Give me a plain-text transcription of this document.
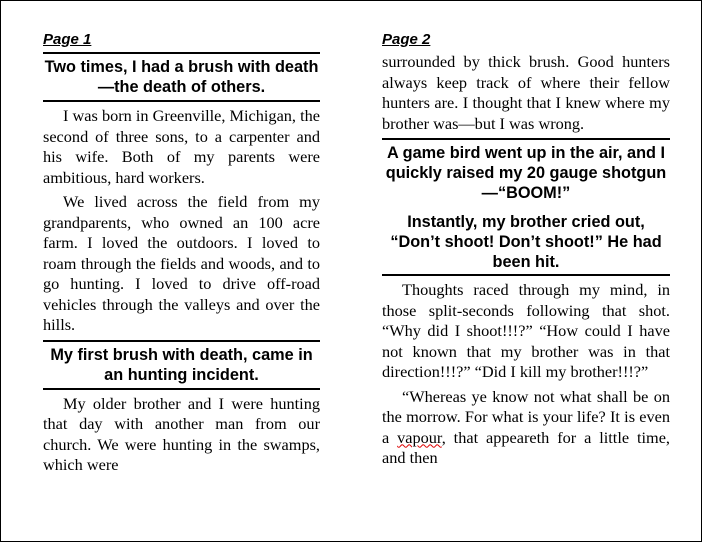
Page 1
Two times, I had a brush with death—the death of others.

I was born in Greenville, Michigan, the second of three sons, to a carpenter and his wife. Both of my parents were ambitious, hard workers.

We lived across the field from my grandparents, who owned an 100 acre farm. I loved the outdoors. I loved to roam through the fields and woods, and to go hunting. I loved to drive off-road vehicles through the valleys and over the hills.

My first brush with death, came in an hunting incident.

My older brother and I were hunting that day with another man from our church. We were hunting in the swamps, which were

Page 2

surrounded by thick brush. Good hunters always keep track of where their fellow hunters are. I thought that I knew where my brother was—but I was wrong.

A game bird went up in the air, and I quickly raised my 20 gauge shotgun—“BOOM!”
Instantly, my brother cried out, “Don’t shoot! Don’t shoot!” He had been hit.

Thoughts raced through my mind, in those split-seconds following that shot. “Why did I shoot!!!?” “How could I have not known that my brother was in that direction!!!?” “Did I kill my brother!!!?”

“Whereas ye know not what shall be on the morrow. For what is your life? It is even a vapour, that appeareth for a little time, and then
